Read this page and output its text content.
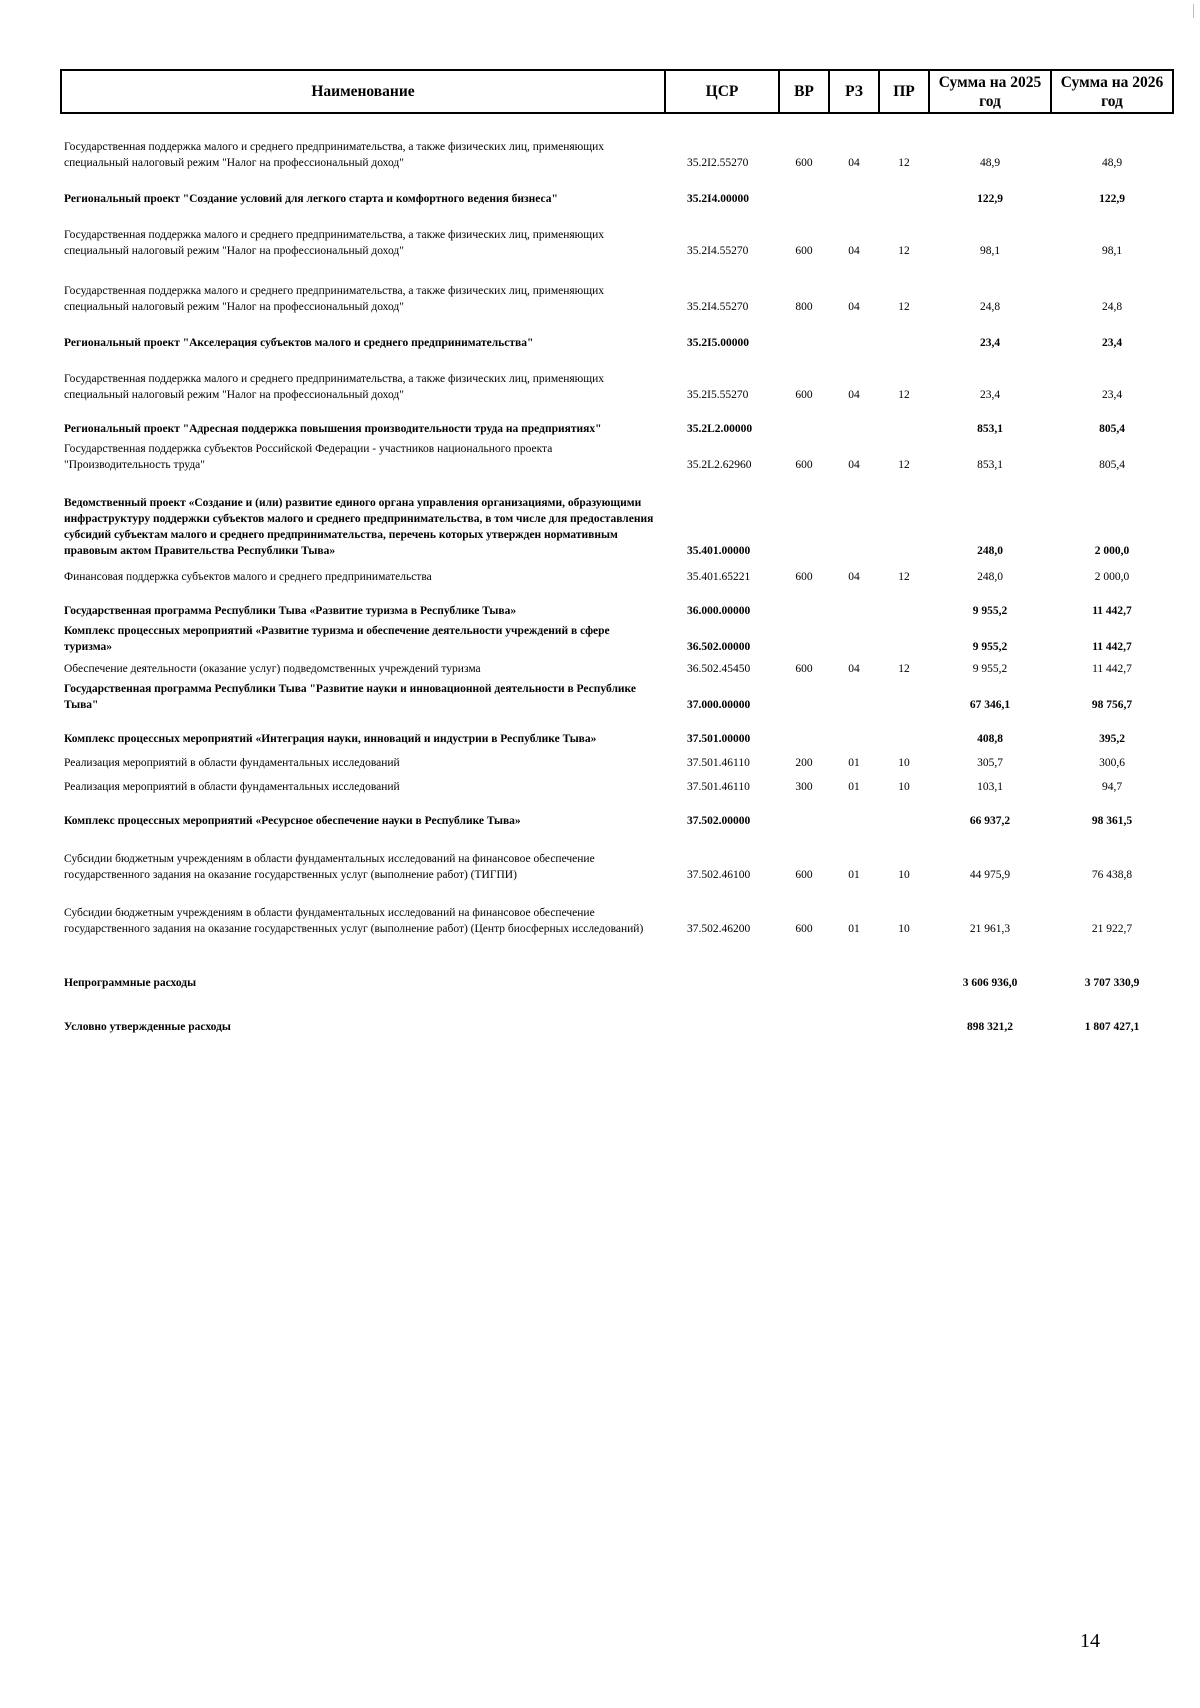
Наименование	ЦСР	ВР	РЗ	ПР	Сумма на 2025 год	Сумма на 2026 год
Государственная поддержка малого и среднего предпринимательства, а также физических лиц, применяющих специальный налоговый режим "Налог на профессиональный доход"	35.2I2.55270	600	04	12	48,9	48,9
Региональный проект "Создание условий для легкого старта и комфортного ведения бизнеса"	35.2I4.00000				122,9	122,9
Государственная поддержка малого и среднего предпринимательства, а также физических лиц, применяющих специальный налоговый режим "Налог на профессиональный доход"	35.2I4.55270	600	04	12	98,1	98,1
Государственная поддержка малого и среднего предпринимательства, а также физических лиц, применяющих специальный налоговый режим "Налог на профессиональный доход"	35.2I4.55270	800	04	12	24,8	24,8
Региональный проект "Акселерация субъектов малого и среднего предпринимательства"	35.2I5.00000				23,4	23,4
Государственная поддержка малого и среднего предпринимательства, а также физических лиц, применяющих специальный налоговый режим "Налог на профессиональный доход"	35.2I5.55270	600	04	12	23,4	23,4
Региональный проект "Адресная поддержка повышения производительности труда на предприятиях"	35.2L2.00000				853,1	805,4
Государственная поддержка субъектов Российской Федерации - участников национального проекта "Производительность труда"	35.2L2.62960	600	04	12	853,1	805,4
Ведомственный проект «Создание и (или) развитие единого органа управления организациями, образующими инфраструктуру поддержки субъектов малого и среднего предпринимательства, в том числе для предоставления субсидий субъектам малого и среднего предпринимательства, перечень которых утвержден нормативным правовым актом Правительства Республики Тыва»	35.401.00000				248,0	2 000,0
Финансовая поддержка субъектов малого и среднего предпринимательства	35.401.65221	600	04	12	248,0	2 000,0
Государственная программа Республики Тыва «Развитие туризма в Республике Тыва»	36.000.00000				9 955,2	11 442,7
Комплекс процессных мероприятий «Развитие туризма и обеспечение деятельности учреждений в сфере туризма»	36.502.00000				9 955,2	11 442,7
Обеспечение деятельности (оказание услуг) подведомственных учреждений туризма	36.502.45450	600	04	12	9 955,2	11 442,7
Государственная программа Республики Тыва "Развитие науки и инновационной деятельности в Республике Тыва"	37.000.00000				67 346,1	98 756,7
Комплекс процессных мероприятий «Интеграция науки, инноваций и индустрии в Республике Тыва»	37.501.00000				408,8	395,2
Реализация мероприятий в области фундаментальных исследований	37.501.46110	200	01	10	305,7	300,6
Реализация мероприятий в области фундаментальных исследований	37.501.46110	300	01	10	103,1	94,7
Комплекс процессных мероприятий «Ресурсное обеспечение науки в Республике Тыва»	37.502.00000				66 937,2	98 361,5
Субсидии бюджетным учреждениям в области фундаментальных исследований на финансовое обеспечение государственного задания на оказание государственных услуг (выполнение работ) (ТИГПИ)	37.502.46100	600	01	10	44 975,9	76 438,8
Субсидии бюджетным учреждениям в области фундаментальных исследований на финансовое обеспечение государственного задания на оказание государственных услуг (выполнение работ) (Центр биосферных исследований)	37.502.46200	600	01	10	21 961,3	21 922,7
Непрограммные расходы					3 606 936,0	3 707 330,9
Условно утвержденные расходы					898 321,2	1 807 427,1
14
